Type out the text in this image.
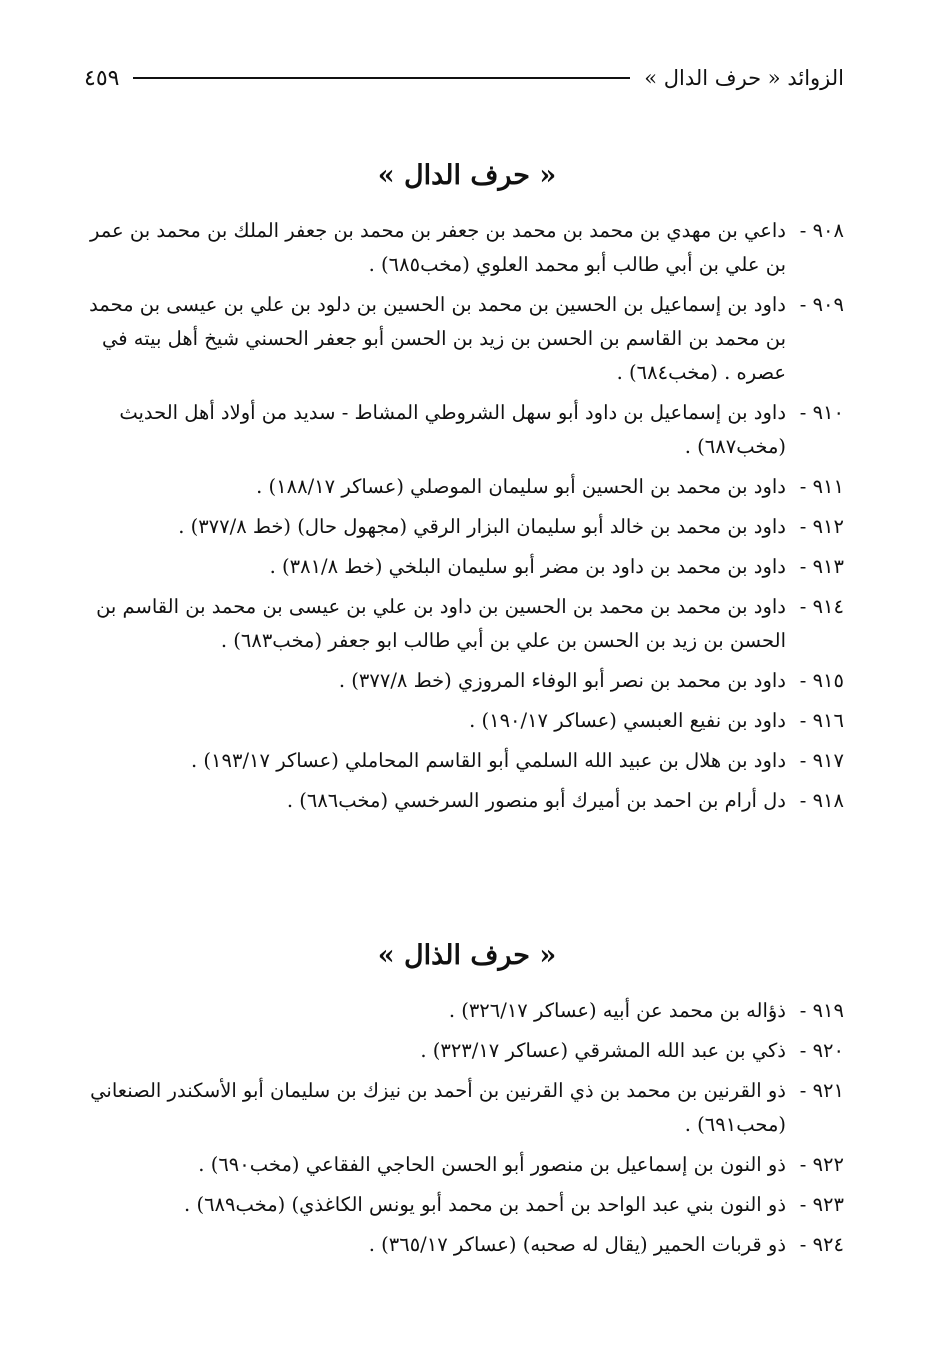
الزوائد « حرف الدال »
٤٥٩
« حرف الدال »
٩٠٨ -
داعي بن مهدي بن محمد بن محمد بن جعفر بن محمد بن جعفر الملك بن محمد بن عمر بن علي بن أبي طالب أبو محمد العلوي (مخب٦٨٥) .
٩٠٩ -
داود بن إسماعيل بن الحسين بن محمد بن الحسين بن دلود بن علي بن عيسى بن محمد بن محمد بن القاسم بن الحسن بن زيد بن الحسن أبو جعفر الحسني شيخ أهل بيته في عصره . (مخب٦٨٤) .
٩١٠ -
داود بن إسماعيل بن داود أبو سهل الشروطي المشاط - سديد من أولاد أهل الحديث (مخب٦٨٧) .
٩١١ -
داود بن محمد بن الحسين أبو سليمان الموصلي (عساكر ١٨٨/١٧) .
٩١٢ -
داود بن محمد بن خالد أبو سليمان البزار الرقي (مجهول حال) (خط ٣٧٧/٨) .
٩١٣ -
داود بن محمد بن داود بن مضر أبو سليمان البلخي (خط ٣٨١/٨) .
٩١٤ -
داود بن محمد بن محمد بن الحسين بن داود بن علي بن عيسى بن محمد بن القاسم بن الحسن بن زيد بن الحسن بن علي بن أبي طالب ابو جعفر (مخب٦٨٣) .
٩١٥ -
داود بن محمد بن نصر أبو الوفاء المروزي (خط ٣٧٧/٨) .
٩١٦ -
داود بن نفيع العبسي (عساكر ١٩٠/١٧) .
٩١٧ -
داود بن هلال بن عبيد الله السلمي أبو القاسم المحاملي (عساكر ١٩٣/١٧) .
٩١٨ -
دل أرام بن احمد بن أميرك أبو منصور السرخسي (مخب٦٨٦) .
« حرف الذال »
٩١٩ -
ذؤاله بن محمد عن أبيه (عساكر ٣٢٦/١٧) .
٩٢٠ -
ذكي بن عبد الله المشرقي (عساكر ٣٢٣/١٧) .
٩٢١ -
ذو القرنين بن محمد بن ذي القرنين بن أحمد بن نيزك بن سليمان أبو الأسكندر الصنعاني (محب٦٩١) .
٩٢٢ -
ذو النون بن إسماعيل بن منصور أبو الحسن الحاجي الفقاعي (مخب٦٩٠) .
٩٢٣ -
ذو النون بني عبد الواحد بن أحمد بن محمد أبو يونس الكاغذي) (مخب٦٨٩) .
٩٢٤ -
ذو قربات الحمير (يقال له صحبه) (عساكر ٣٦٥/١٧) .
